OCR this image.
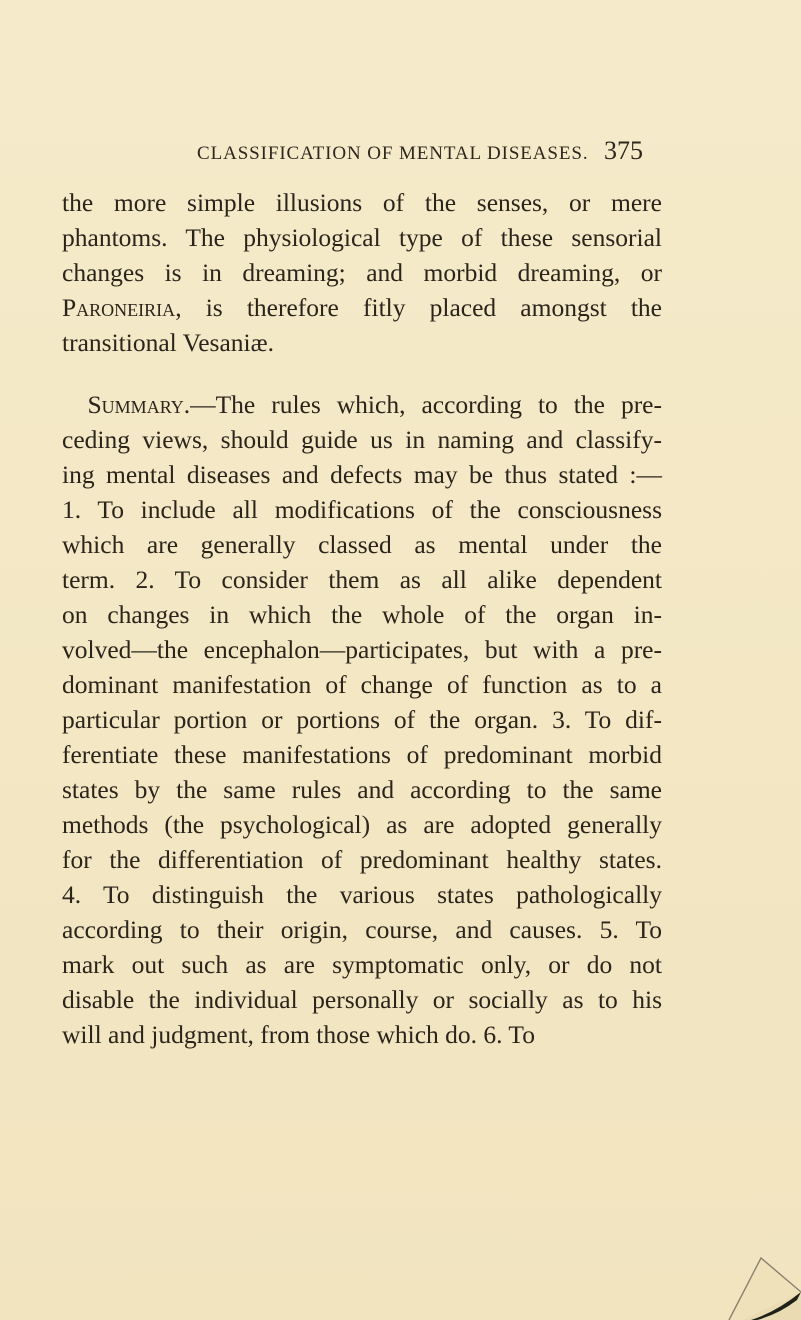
CLASSIFICATION OF MENTAL DISEASES. 375
the more simple illusions of the senses, or mere
phantoms. The physiological type of these sensorial
changes is in dreaming; and morbid dreaming, or
Paroneiria, is therefore fitly placed amongst the
transitional Vesaniæ.
 Summary.—The rules which, according to the pre-
ceding views, should guide us in naming and classify-
ing mental diseases and defects may be thus stated :—
1. To include all modifications of the consciousness
which are generally classed as mental under the
term. 2. To consider them as all alike dependent
on changes in which the whole of the organ in-
volved—the encephalon—participates, but with a pre-
dominant manifestation of change of function as to a
particular portion or portions of the organ. 3. To dif-
ferentiate these manifestations of predominant morbid
states by the same rules and according to the same
methods (the psychological) as are adopted generally
for the differentiation of predominant healthy states.
4. To distinguish the various states pathologically
according to their origin, course, and causes. 5. To
mark out such as are symptomatic only, or do not
disable the individual personally or socially as to his
will and judgment, from those which do. 6. To
